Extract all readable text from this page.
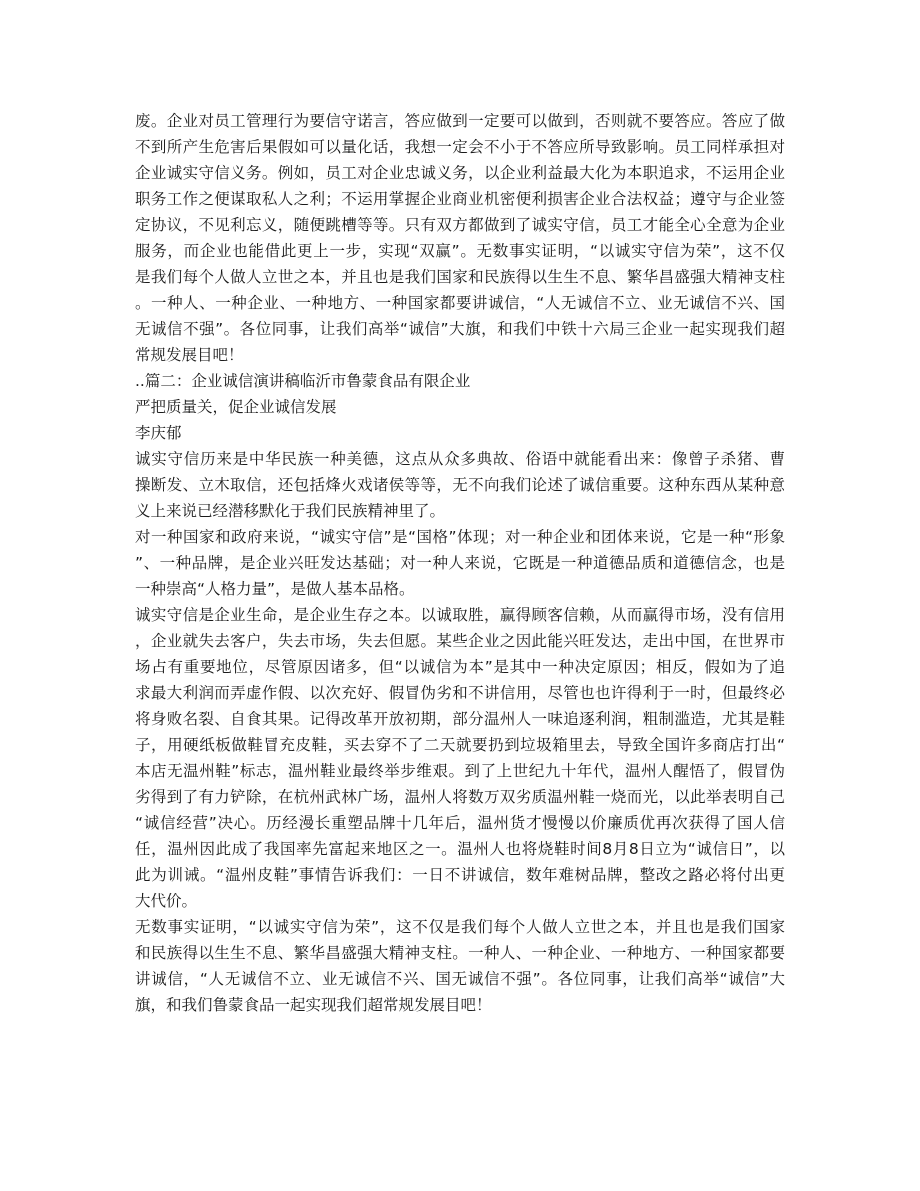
废。企业对员工管理行为要信守诺言，答应做到一定要可以做到，否则就不要答应。答应了做
不到所产生危害后果假如可以量化话，我想一定会不小于不答应所导致影响。员工同样承担对
企业诚实守信义务。例如，员工对企业忠诚义务，以企业利益最大化为本职追求，不运用企业
职务工作之便谋取私人之利；不运用掌握企业商业机密便利损害企业合法权益；遵守与企业签
定协议，不见利忘义，随便跳槽等等。只有双方都做到了诚实守信，员工才能全心全意为企业
服务，而企业也能借此更上一步，实现“双赢”。无数事实证明，“以诚实守信为荣”，这不仅
是我们每个人做人立世之本，并且也是我们国家和民族得以生生不息、繁华昌盛强大精神支柱
。一种人、一种企业、一种地方、一种国家都要讲诚信，“人无诚信不立、业无诚信不兴、国
无诚信不强”。各位同事，让我们高举“诚信”大旗，和我们中铁十六局三企业一起实现我们超
常规发展目吧！
..篇二：企业诚信演讲稿临沂市鲁蒙食品有限企业
严把质量关，促企业诚信发展
李庆郁
诚实守信历来是中华民族一种美德，这点从众多典故、俗语中就能看出来：像曾子杀猪、曹
操断发、立木取信，还包括烽火戏诸侯等等，无不向我们论述了诚信重要。这种东西从某种意
义上来说已经潜移默化于我们民族精神里了。
对一种国家和政府来说，“诚实守信”是“国格”体现；对一种企业和团体来说，它是一种“形象
”、一种品牌，是企业兴旺发达基础；对一种人来说，它既是一种道德品质和道德信念，也是
一种崇高“人格力量”，是做人基本品格。
诚实守信是企业生命，是企业生存之本。以诚取胜，赢得顾客信赖，从而赢得市场，没有信用
，企业就失去客户，失去市场，失去但愿。某些企业之因此能兴旺发达，走出中国，在世界市
场占有重要地位，尽管原因诸多，但“以诚信为本”是其中一种决定原因；相反，假如为了追
求最大利润而弄虚作假、以次充好、假冒伪劣和不讲信用，尽管也也许得利于一时，但最终必
将身败名裂、自食其果。记得改革开放初期，部分温州人一味追逐利润，粗制滥造，尤其是鞋
子，用硬纸板做鞋冒充皮鞋，买去穿不了二天就要扔到垃圾箱里去，导致全国许多商店打出“
本店无温州鞋”标志，温州鞋业最终举步维艰。到了上世纪九十年代，温州人醒悟了，假冒伪
劣得到了有力铲除，在杭州武林广场，温州人将数万双劣质温州鞋一烧而光，以此举表明自己
“诚信经营”决心。历经漫长重塑品牌十几年后，温州货才慢慢以价廉质优再次获得了国人信
任，温州因此成了我国率先富起来地区之一。温州人也将烧鞋时间8月8日立为“诚信日”，以
此为训诫。“温州皮鞋”事情告诉我们：一日不讲诚信，数年难树品牌，整改之路必将付出更
大代价。
无数事实证明，“以诚实守信为荣”，这不仅是我们每个人做人立世之本，并且也是我们国家
和民族得以生生不息、繁华昌盛强大精神支柱。一种人、一种企业、一种地方、一种国家都要
讲诚信，“人无诚信不立、业无诚信不兴、国无诚信不强”。各位同事，让我们高举“诚信”大
旗，和我们鲁蒙食品一起实现我们超常规发展目吧！
